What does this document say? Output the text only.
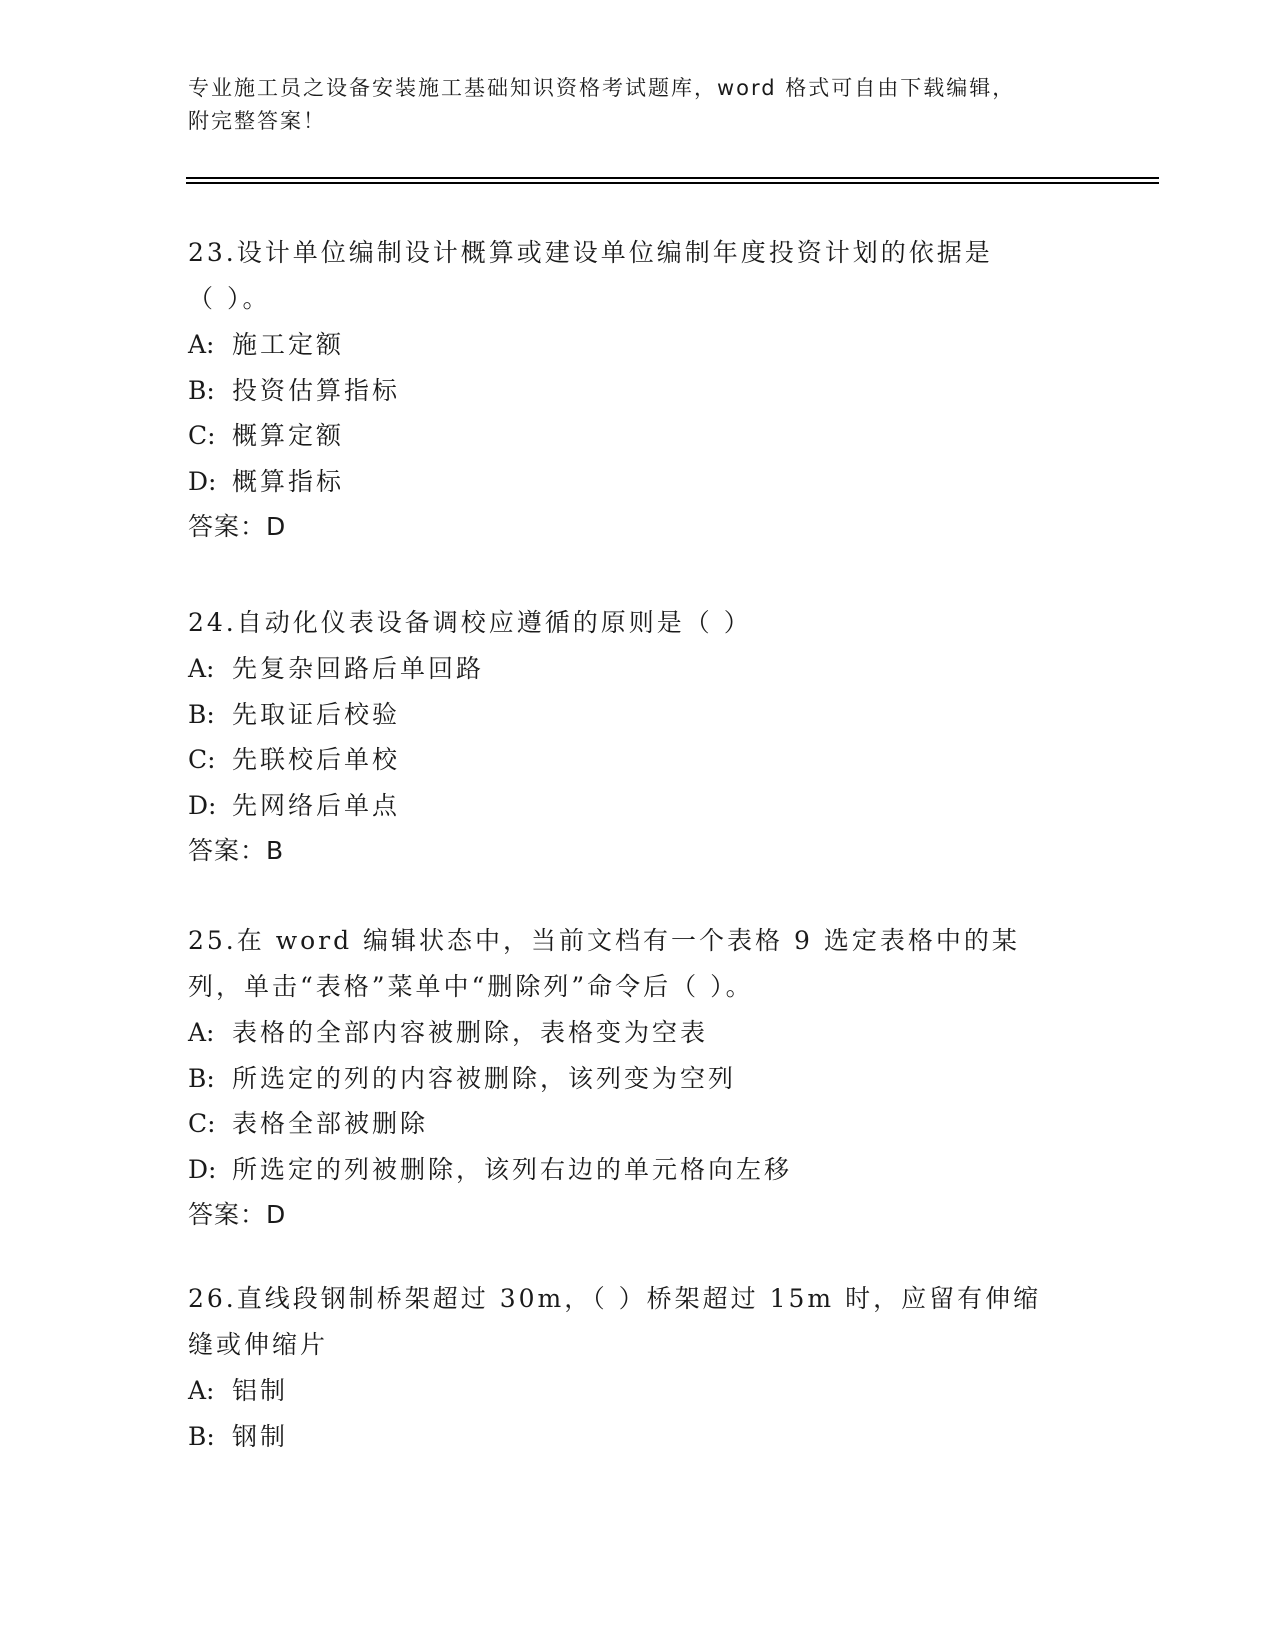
专业施工员之设备安装施工基础知识资格考试题库，word 格式可自由下载编辑，
附完整答案！

23.设计单位编制设计概算或建设单位编制年度投资计划的依据是（ ）。

A: 施工定额

B: 投资估算指标

C: 概算定额

D: 概算指标

答案：D

24.自动化仪表设备调校应遵循的原则是（ ）

A: 先复杂回路后单回路

B: 先取证后校验

C: 先联校后单校

D: 先网络后单点

答案：B

25.在 word 编辑状态中，当前文档有一个表格 9 选定表格中的某列，单击“表格”菜单中“删除列”命令后（ ）。

A: 表格的全部内容被删除，表格变为空表

B: 所选定的列的内容被删除，该列变为空列

C: 表格全部被删除

D: 所选定的列被删除，该列右边的单元格向左移

答案：D

26.直线段钢制桥架超过 30m，（ ）桥架超过 15m 时，应留有伸缩缝或伸缩片

A: 铝制

B: 钢制
